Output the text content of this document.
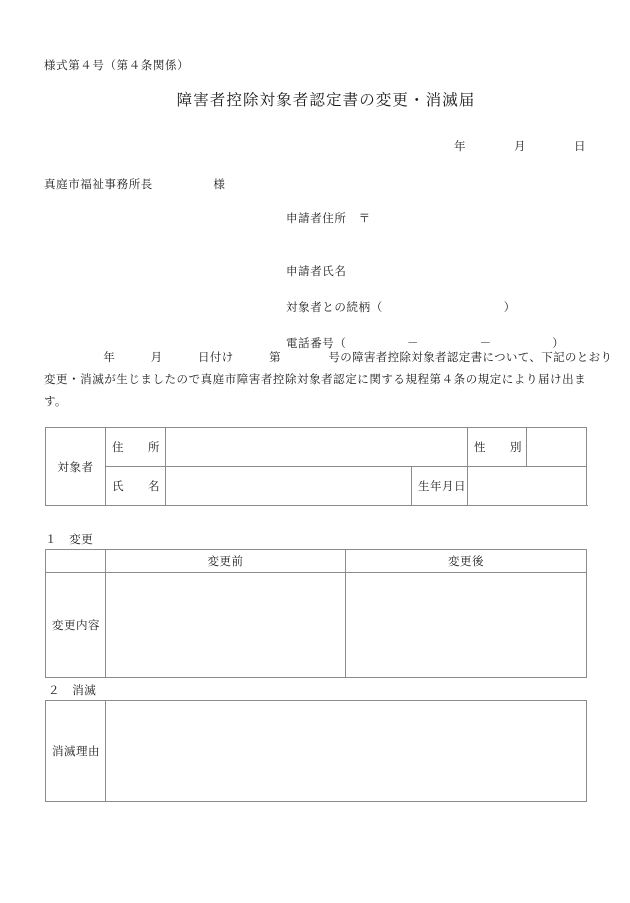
様式第４号（第４条関係）
障害者控除対象者認定書の変更・消滅届
年　　　　月　　　　日
真庭市福祉事務所長　　　　　様
申請者住所　〒
申請者氏名
対象者との続柄（　　　　　　　　　　）
電話番号（　　　　　－　　　　　－　　　　　）
　　　　　年　　　月　　　日付け　　　第　　　　号の障害者控除対象者認定書について、下記のとおり変更・消滅が生じましたので真庭市障害者控除対象者認定に関する規程第４条の規定により届け出ます。
対象者	住　　所			性　　別	
	氏　　名		生年月日		
１　変更
	変更前	変更後
変更内容		
２　消滅
消滅理由	
